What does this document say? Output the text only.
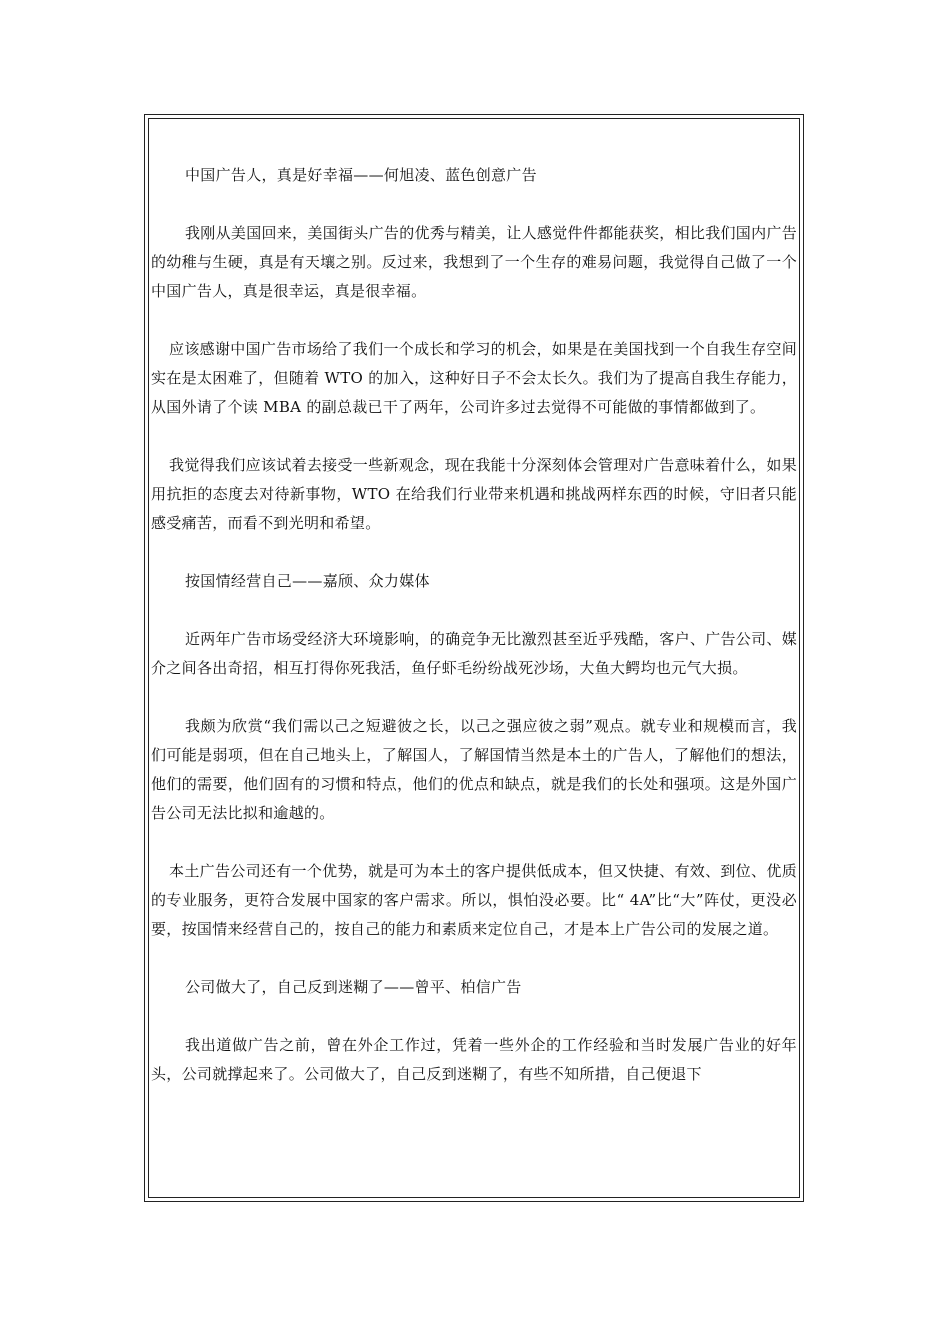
中国广告人，真是好幸福——何旭凌、蓝色创意广告

我刚从美国回来，美国街头广告的优秀与精美，让人感觉件件都能获奖，相比我们国内广告的幼稚与生硬，真是有天壤之别。反过来，我想到了一个生存的难易问题，我觉得自己做了一个中国广告人，真是很幸运，真是很幸福。

应该感谢中国广告市场给了我们一个成长和学习的机会，如果是在美国找到一个自我生存空间实在是太困难了，但随着 WTO 的加入，这种好日子不会太长久。我们为了提高自我生存能力，从国外请了个读 MBA 的副总裁已干了两年，公司许多过去觉得不可能做的事情都做到了。

我觉得我们应该试着去接受一些新观念，现在我能十分深刻体会管理对广告意味着什么，如果用抗拒的态度去对待新事物，WTO 在给我们行业带来机遇和挑战两样东西的时候，守旧者只能感受痛苦，而看不到光明和希望。

按国情经营自己——嘉颀、众力媒体

近两年广告市场受经济大环境影响，的确竞争无比激烈甚至近乎残酷，客户、广告公司、媒介之间各出奇招，相互打得你死我活，鱼仔虾毛纷纷战死沙场，大鱼大鳄均也元气大损。

我颇为欣赏“我们需以己之短避彼之长，以己之强应彼之弱”观点。就专业和规模而言，我们可能是弱项，但在自己地头上，了解国人，了解国情当然是本土的广告人，了解他们的想法，他们的需要，他们固有的习惯和特点，他们的优点和缺点，就是我们的长处和强项。这是外国广告公司无法比拟和逾越的。

本土广告公司还有一个优势，就是可为本土的客户提供低成本，但又快捷、有效、到位、优质的专业服务，更符合发展中国家的客户需求。所以，惧怕没必要。比“ 4A”比“大”阵仗，更没必要，按国情来经营自己的，按自己的能力和素质来定位自己，才是本上广告公司的发展之道。

公司做大了，自己反到迷糊了——曾平、柏信广告

我出道做广告之前，曾在外企工作过，凭着一些外企的工作经验和当时发展广告业的好年头，公司就撑起来了。公司做大了，自己反到迷糊了，有些不知所措，自己便退下
